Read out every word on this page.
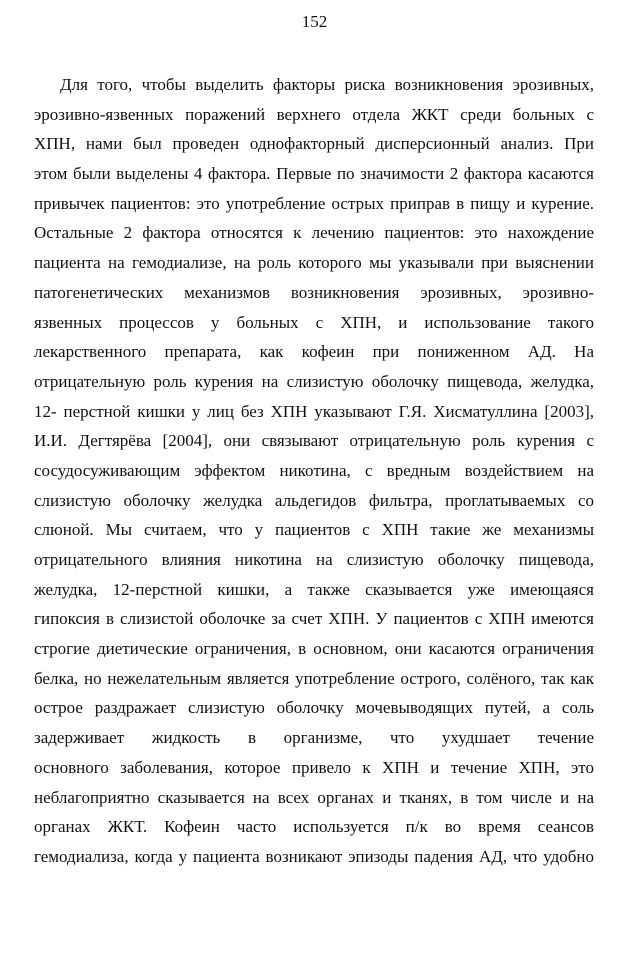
152
Для того, чтобы выделить факторы риска возникновения эрозивных,
эрозивно-язвенных поражений верхнего отдела ЖКТ среди больных с
ХПН, нами был проведен однофакторный дисперсионный анализ. При
этом были выделены 4 фактора. Первые по значимости 2 фактора касаются
привычек пациентов: это употребление острых приправ в пищу и курение.
Остальные 2 фактора относятся к лечению пациентов: это нахождение
пациента на гемодиализе, на роль которого мы указывали при выяснении
патогенетических механизмов возникновения эрозивных, эрозивно-
язвенных процессов у больных с ХПН, и использование такого
лекарственного препарата, как кофеин при пониженном АД. На
отрицательную роль курения на слизистую оболочку пищевода, желудка,
12- перстной кишки у лиц без ХПН указывают Г.Я. Хисматуллина [2003],
И.И. Дегтярёва [2004], они связывают отрицательную роль курения с
сосудосуживающим эффектом никотина, с вредным воздействием на
слизистую оболочку желудка альдегидов фильтра, проглатываемых со
слюной. Мы считаем, что у пациентов с ХПН такие же механизмы
отрицательного влияния никотина на слизистую оболочку пищевода,
желудка, 12-перстной кишки, а также сказывается уже имеющаяся
гипоксия в слизистой оболочке за счет ХПН. У пациентов с ХПН имеются
строгие диетические ограничения, в основном, они касаются ограничения
белка, но нежелательным является употребление острого, солёного, так как
острое раздражает слизистую оболочку мочевыводящих путей, а соль
задерживает жидкость в организме, что ухудшает течение
основного заболевания, которое привело к ХПН и течение ХПН, это
неблагоприятно сказывается на всех органах и тканях, в том числе и на
органах ЖКТ. Кофеин часто используется п/к во время сеансов
гемодиализа, когда у пациента возникают эпизоды падения АД, что удобно
